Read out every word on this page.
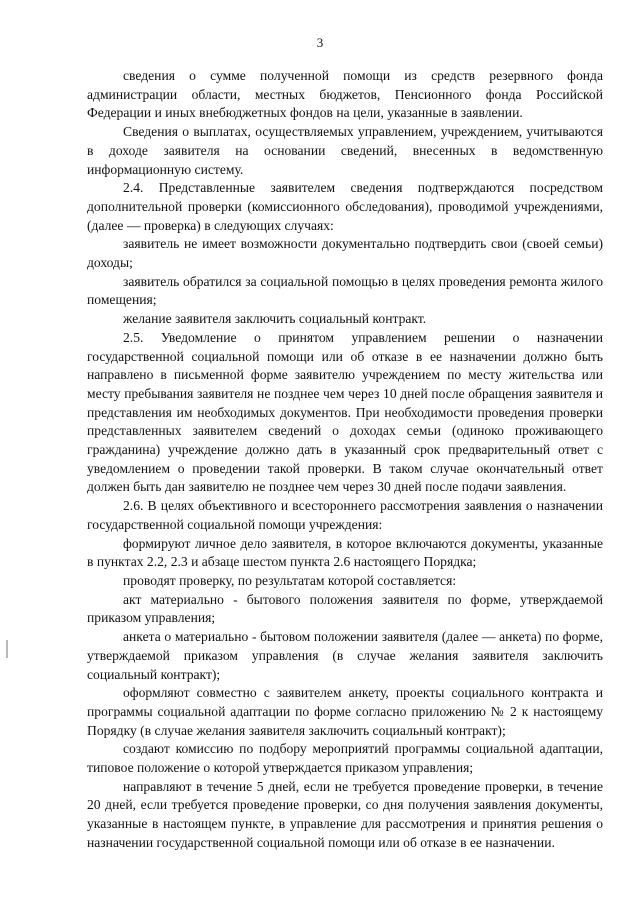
3

сведения о сумме полученной помощи из средств резервного фонда администрации области, местных бюджетов, Пенсионного фонда Российской Федерации и иных внебюджетных фондов на цели, указанные в заявлении.

Сведения о выплатах, осуществляемых управлением, учреждением, учитываются в доходе заявителя на основании сведений, внесенных в ведомственную информационную систему.

2.4. Представленные заявителем сведения подтверждаются посредством дополнительной проверки (комиссионного обследования), проводимой учреждениями, (далее — проверка) в следующих случаях:

заявитель не имеет возможности документально подтвердить свои (своей семьи) доходы;

заявитель обратился за социальной помощью в целях проведения ремонта жилого помещения;

желание заявителя заключить социальный контракт.

2.5. Уведомление о принятом управлением решении о назначении государственной социальной помощи или об отказе в ее назначении должно быть направлено в письменной форме заявителю учреждением по месту жительства или месту пребывания заявителя не позднее чем через 10 дней после обращения заявителя и представления им необходимых документов. При необходимости проведения проверки представленных заявителем сведений о доходах семьи (одиноко проживающего гражданина) учреждение должно дать в указанный срок предварительный ответ с уведомлением о проведении такой проверки. В таком случае окончательный ответ должен быть дан заявителю не позднее чем через 30 дней после подачи заявления.

2.6. В целях объективного и всестороннего рассмотрения заявления о назначении государственной социальной помощи учреждения:

формируют личное дело заявителя, в которое включаются документы, указанные в пунктах 2.2, 2.3 и абзаце шестом пункта 2.6 настоящего Порядка;

проводят проверку, по результатам которой составляется:

акт материально - бытового положения заявителя по форме, утверждаемой приказом управления;

анкета о материально - бытовом положении заявителя (далее — анкета) по форме, утверждаемой приказом управления (в случае желания заявителя заключить социальный контракт);

оформляют совместно с заявителем анкету, проекты социального контракта и программы социальной адаптации по форме согласно приложению № 2 к настоящему Порядку (в случае желания заявителя заключить социальный контракт);

создают комиссию по подбору мероприятий программы социальной адаптации, типовое положение о которой утверждается приказом управления;

направляют в течение 5 дней, если не требуется проведение проверки, в течение 20 дней, если требуется проведение проверки, со дня получения заявления документы, указанные в настоящем пункте, в управление для рассмотрения и принятия решения о назначении государственной социальной помощи или об отказе в ее назначении.
